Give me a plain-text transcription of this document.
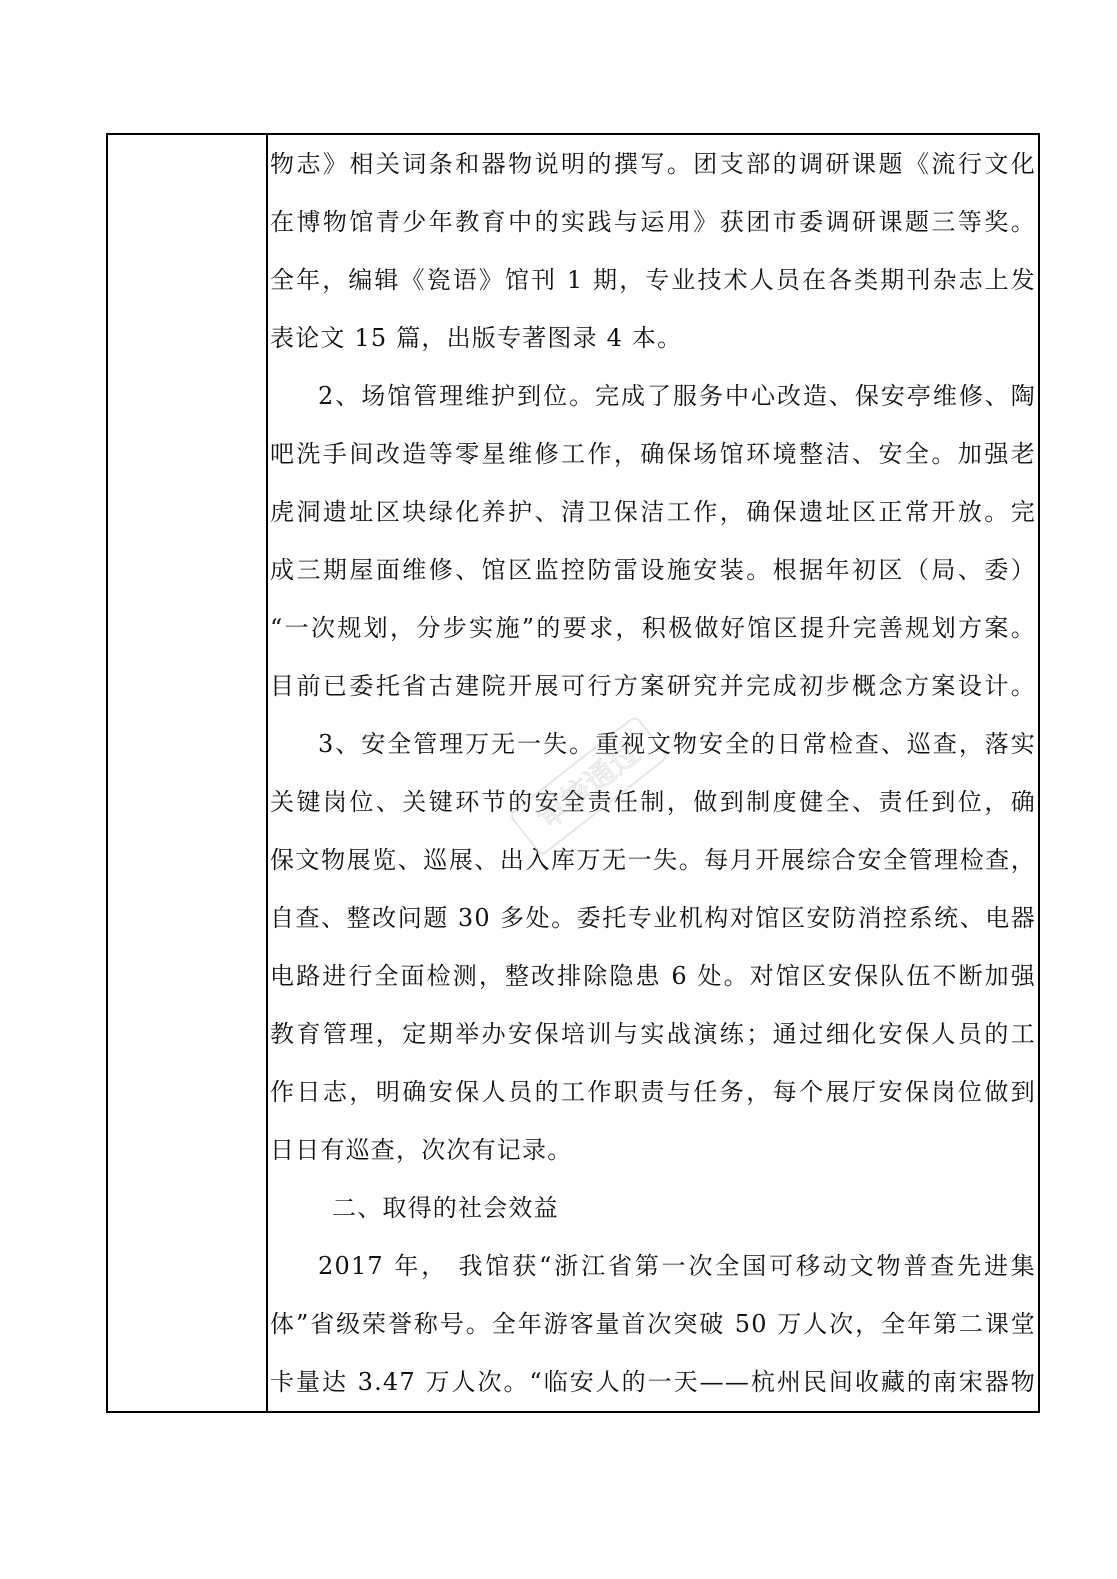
物志》相关词条和器物说明的撰写。团支部的调研课题《流行文化
在博物馆青少年教育中的实践与运用》获团市委调研课题三等奖。
全年，编辑《瓷语》馆刊 1 期，专业技术人员在各类期刊杂志上发
表论文 15 篇，出版专著图录 4 本。
2、场馆管理维护到位。完成了服务中心改造、保安亭维修、陶
吧洗手间改造等零星维修工作，确保场馆环境整洁、安全。加强老
虎洞遗址区块绿化养护、清卫保洁工作，确保遗址区正常开放。完
成三期屋面维修、馆区监控防雷设施安装。根据年初区（局、委）
“一次规划，分步实施”的要求，积极做好馆区提升完善规划方案。
目前已委托省古建院开展可行方案研究并完成初步概念方案设计。
3、安全管理万无一失。重视文物安全的日常检查、巡查，落实
关键岗位、关键环节的安全责任制，做到制度健全、责任到位，确
保文物展览、巡展、出入库万无一失。每月开展综合安全管理检查，
自查、整改问题 30 多处。委托专业机构对馆区安防消控系统、电器
电路进行全面检测，整改排除隐患 6 处。对馆区安保队伍不断加强
教育管理，定期举办安保培训与实战演练；通过细化安保人员的工
作日志，明确安保人员的工作职责与任务，每个展厅安保岗位做到
日日有巡查，次次有记录。
二、取得的社会效益
2017 年， 我馆获“浙江省第一次全国可移动文物普查先进集
体”省级荣誉称号。全年游客量首次突破 50 万人次，全年第二课堂
卡量达 3.47 万人次。“临安人的一天——杭州民间收藏的南宋器物
审核通过
